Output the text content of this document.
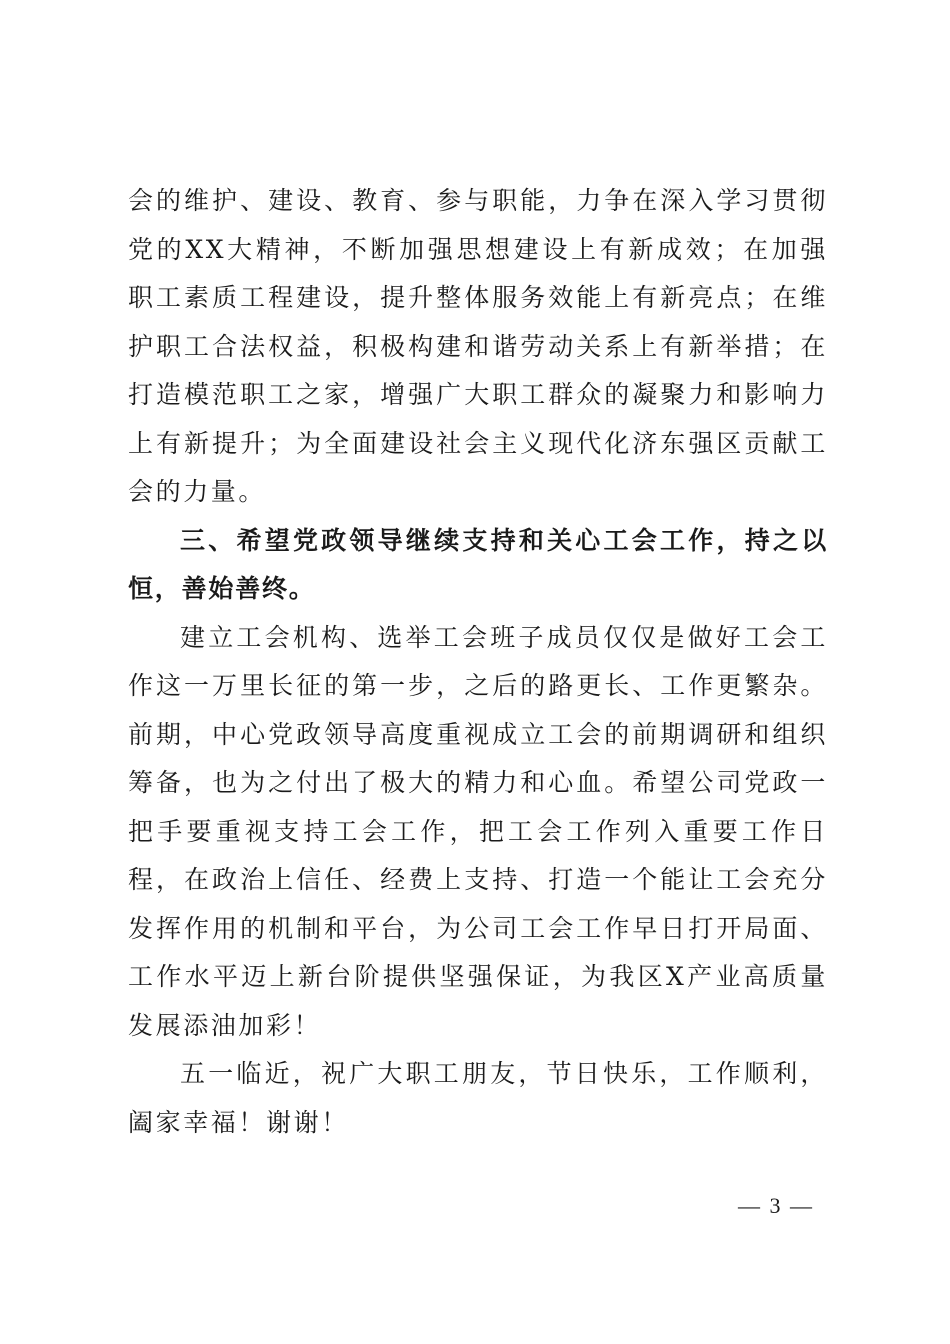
会的维护、建设、教育、参与职能，力争在深入学习贯彻党的XX大精神，不断加强思想建设上有新成效；在加强职工素质工程建设，提升整体服务效能上有新亮点；在维护职工合法权益，积极构建和谐劳动关系上有新举措；在打造模范职工之家，增强广大职工群众的凝聚力和影响力上有新提升；为全面建设社会主义现代化济东强区贡献工会的力量。

三、希望党政领导继续支持和关心工会工作，持之以恒，善始善终。

建立工会机构、选举工会班子成员仅仅是做好工会工作这一万里长征的第一步，之后的路更长、工作更繁杂。前期，中心党政领导高度重视成立工会的前期调研和组织筹备，也为之付出了极大的精力和心血。希望公司党政一把手要重视支持工会工作，把工会工作列入重要工作日程，在政治上信任、经费上支持、打造一个能让工会充分发挥作用的机制和平台，为公司工会工作早日打开局面、工作水平迈上新台阶提供坚强保证，为我区X产业高质量发展添油加彩！

五一临近，祝广大职工朋友，节日快乐，工作顺利，阖家幸福！谢谢！

— 3 —
